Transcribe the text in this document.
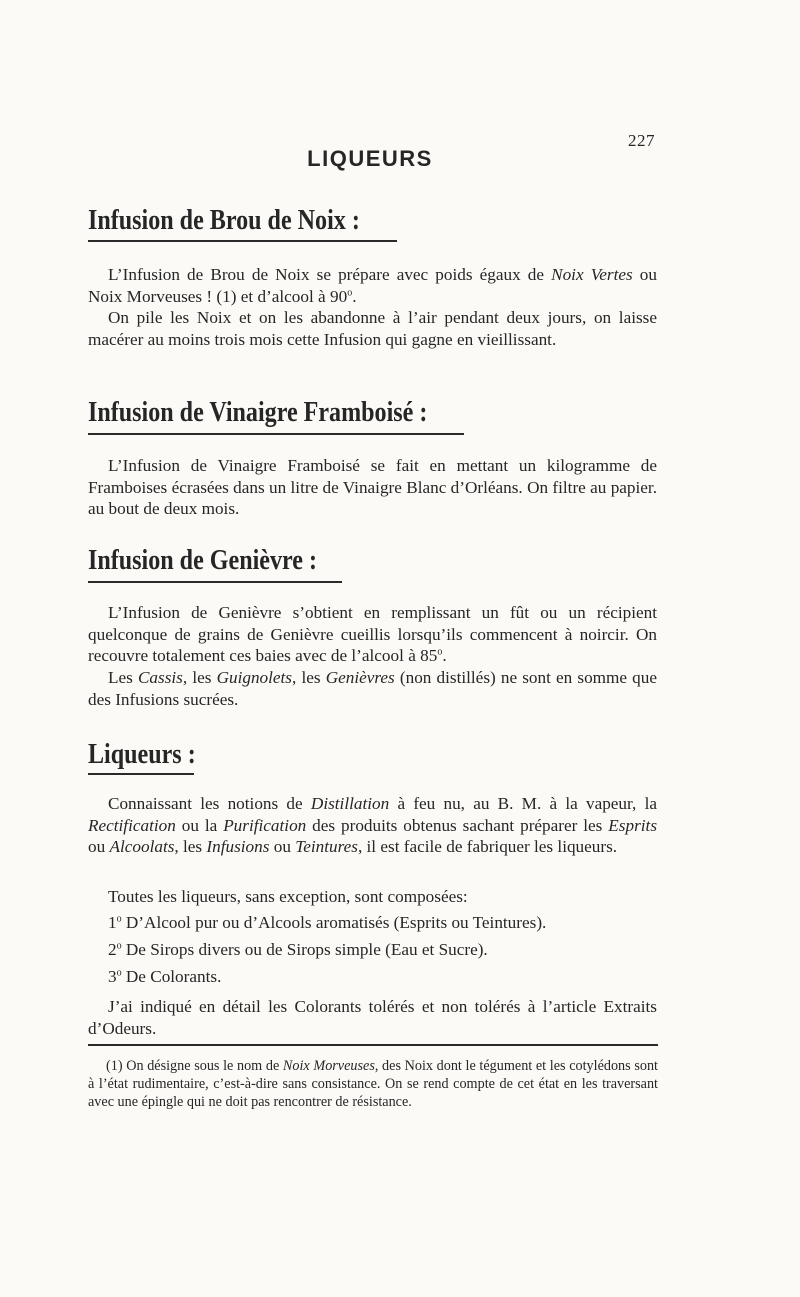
227
LIQUEURS
Infusion de Brou de Noix :
L’Infusion de Brou de Noix se prépare avec poids égaux de Noix Vertes ou Noix Morveuses ! (1) et d’alcool à 90$^o$.
On pile les Noix et on les abandonne à l’air pendant deux jours, on laisse macérer au moins trois mois cette Infusion qui gagne en vieillissant.
Infusion de Vinaigre Framboisé :
L’Infusion de Vinaigre Framboisé se fait en mettant un kilogramme de Framboises écrasées dans un litre de Vinaigre Blanc d’Orléans. On filtre au papier. au bout de deux mois.
Infusion de Genièvre :
L’Infusion de Genièvre s’obtient en remplissant un fût ou un récipient quelconque de grains de Genièvre cueillis lorsqu’ils commencent à noircir. On recouvre totalement ces baies avec de l’alcool à 85$^o$.
Les Cassis, les Guignolets, les Genièvres (non distillés) ne sont en somme que des Infusions sucrées.
Liqueurs :
Connaissant les notions de Distillation à feu nu, au B. M. à la vapeur, la Rectification ou la Purification des produits obtenus sachant préparer les Esprits ou Alcoolats, les Infusions ou Teintures, il est facile de fabriquer les liqueurs.
Toutes les liqueurs, sans exception, sont composées:
1$^o$ D’Alcool pur ou d’Alcools aromatisés (Esprits ou Teintures).
2$^o$ De Sirops divers ou de Sirops simple (Eau et Sucre).
3$^o$ De Colorants.
J’ai indiqué en détail les Colorants tolérés et non tolérés à l’article Extraits d’Odeurs.
(1) On désigne sous le nom de Noix Morveuses, des Noix dont le tégument et les cotylédons sont à l’état rudimentaire, c’est-à-dire sans consistance. On se rend compte de cet état en les traversant avec une épingle qui ne doit pas rencontrer de résistance.
